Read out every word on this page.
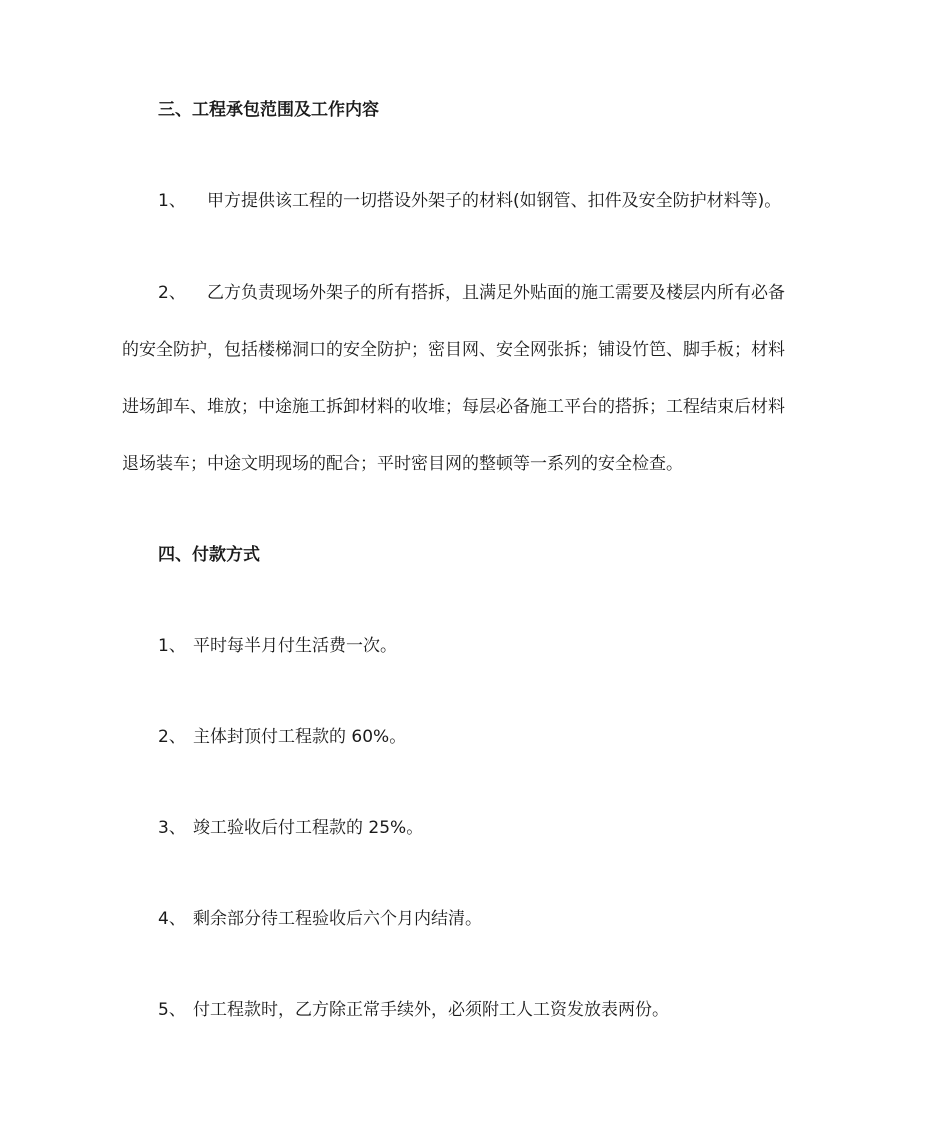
三、工程承包范围及工作内容
1、 甲方提供该工程的一切搭设外架子的材料(如钢管、扣件及安全防护材料等)。
2、 乙方负责现场外架子的所有搭拆，且满足外贴面的施工需要及楼层内所有必备
的安全防护，包括楼梯洞口的安全防护；密目网、安全网张拆；铺设竹笆、脚手板；材料
进场卸车、堆放；中途施工拆卸材料的收堆；每层必备施工平台的搭拆；工程结束后材料
退场装车；中途文明现场的配合；平时密目网的整顿等一系列的安全检查。
四、付款方式
1、 平时每半月付生活费一次。
2、 主体封顶付工程款的 60%。
3、 竣工验收后付工程款的 25%。
4、 剩余部分待工程验收后六个月内结清。
5、 付工程款时，乙方除正常手续外，必须附工人工资发放表两份。
